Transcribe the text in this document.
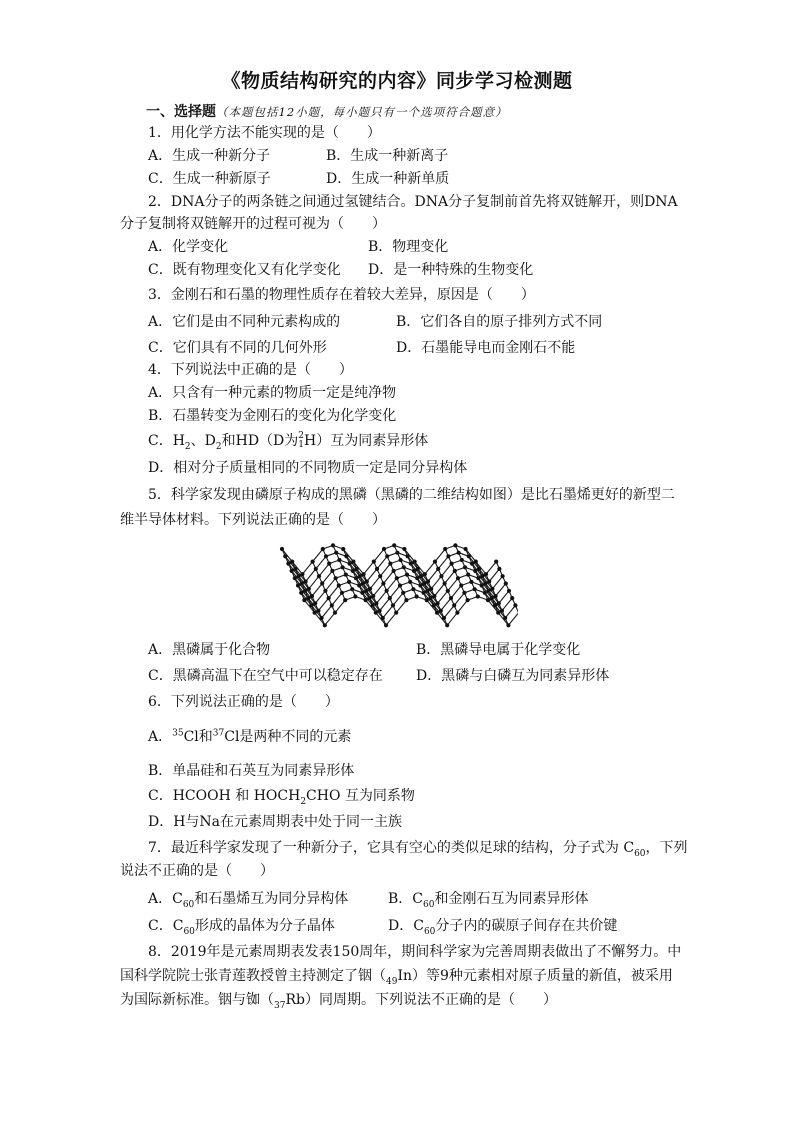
《物质结构研究的内容》同步学习检测题
一、选择题（本题包括12小题，每小题只有一个选项符合题意）
1．用化学方法不能实现的是（　　）
A．生成一种新分子	B．生成一种新离子
C．生成一种新原子	D．生成一种新单质
2．DNA分子的两条链之间通过氢键结合。DNA分子复制前首先将双链解开，则DNA
分子复制将双链解开的过程可视为（　　）
A．化学变化	B．物理变化
C．既有物理变化又有化学变化 D．是一种特殊的生物变化
3．金刚石和石墨的物理性质存在着较大差异，原因是（　　）
A．它们是由不同种元素构成的	B．它们各自的原子排列方式不同
C．它们具有不同的几何外形	D．石墨能导电而金刚石不能
4．下列说法中正确的是（　　）
A．只含有一种元素的物质一定是纯净物
B．石墨转变为金刚石的变化为化学变化
C．$H_2$、$D_2$和HD（D为 2
1 H）互为同素异形体
D．相对分子质量相同的不同物质一定是同分异构体
5．科学家发现由磷原子构成的黑磷（黑磷的二维结构如图）是比石墨烯更好的新型二
维半导体材料。下列说法正确的是（　　）
A．黑磷属于化合物	B．黑磷导电属于化学变化
C．黑磷高温下在空气中可以稳定存在 D．黑磷与白磷互为同素异形体
6．下列说法正确的是（　　）
A．$^{35}$Cl和$^{37}$Cl是两种不同的元素
B．单晶硅和石英互为同素异形体
C．HCOOH 和 $HOCH_2CHO$ 互为同系物
D．H与Na在元素周期表中处于同一主族
7．最近科学家发现了一种新分子，它具有空心的类似足球的结构，分子式为 $C_{60}$，下列
说法不正确的是（　　）
A．$C_{60}$和石墨烯互为同分异构体	B．$C_{60}$和金刚石互为同素异形体
C．$C_{60}$形成的晶体为分子晶体	D．$C_{60}$分子内的碳原子间存在共价键
8．2019年是元素周期表发表150周年，期间科学家为完善周期表做出了不懈努力。中
国科学院院士张青莲教授曾主持测定了铟$(_{49}In)$等9种元素相对原子质量的新值，被采用
为国际新标准。铟与铷$(_{37}Rb)$同周期。下列说法不正确的是（　　）
